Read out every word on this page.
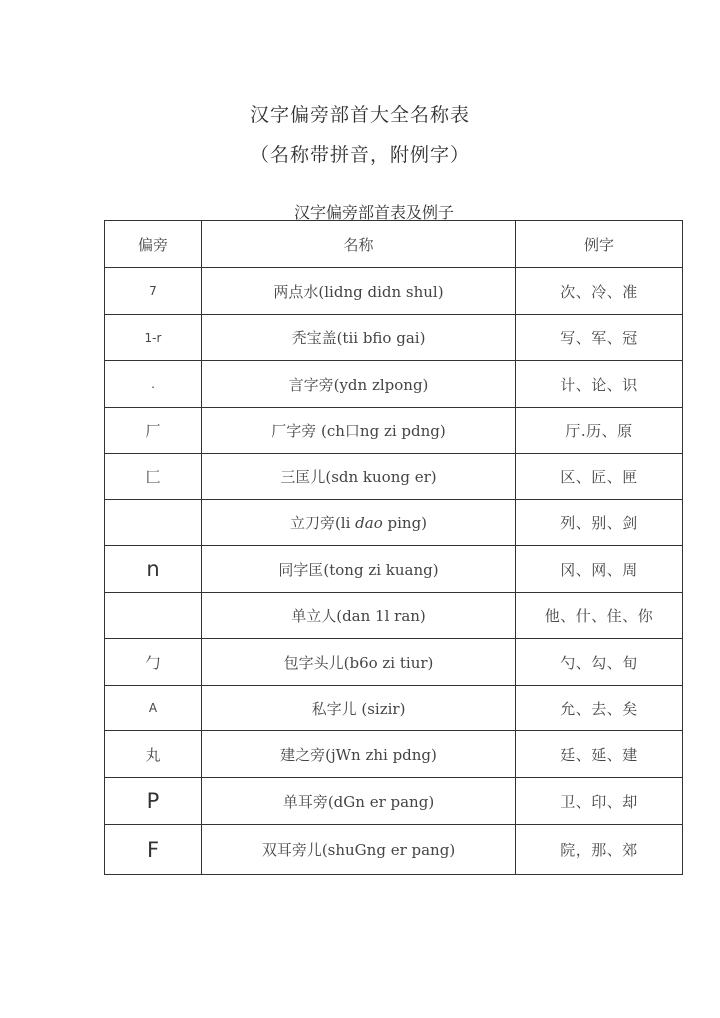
汉字偏旁部首大全名称表
（名称带拼音，附例字）
汉字偏旁部首表及例子
偏旁	名称	例字
7	两点水(lidng didn shul)	次、冷、准
1-r	秃宝盖(tii bfio gai)	写、军、冠
.	言字旁(ydn zlpong)	计、论、识
厂	厂字旁 (ch口ng zi pdng)	厅.历、原
匚	三匡儿(sdn kuong er)	区、匠、匣
	立刀旁(li dao ping)	列、别、剑
n	同字匡(tong zi kuang)	冈、网、周
	单立人(dan 1l ran)	他、什、住、你
勹	包字头儿(b6o zi tiur)	勺、勾、旬
A	私字儿 (sizir)	允、去、矣
丸	建之旁(jWn zhi pdng)	廷、延、建
P	单耳旁(dGn er pang)	卫、印、却
F	双耳旁儿(shuGng er pang)	院，那、郊
